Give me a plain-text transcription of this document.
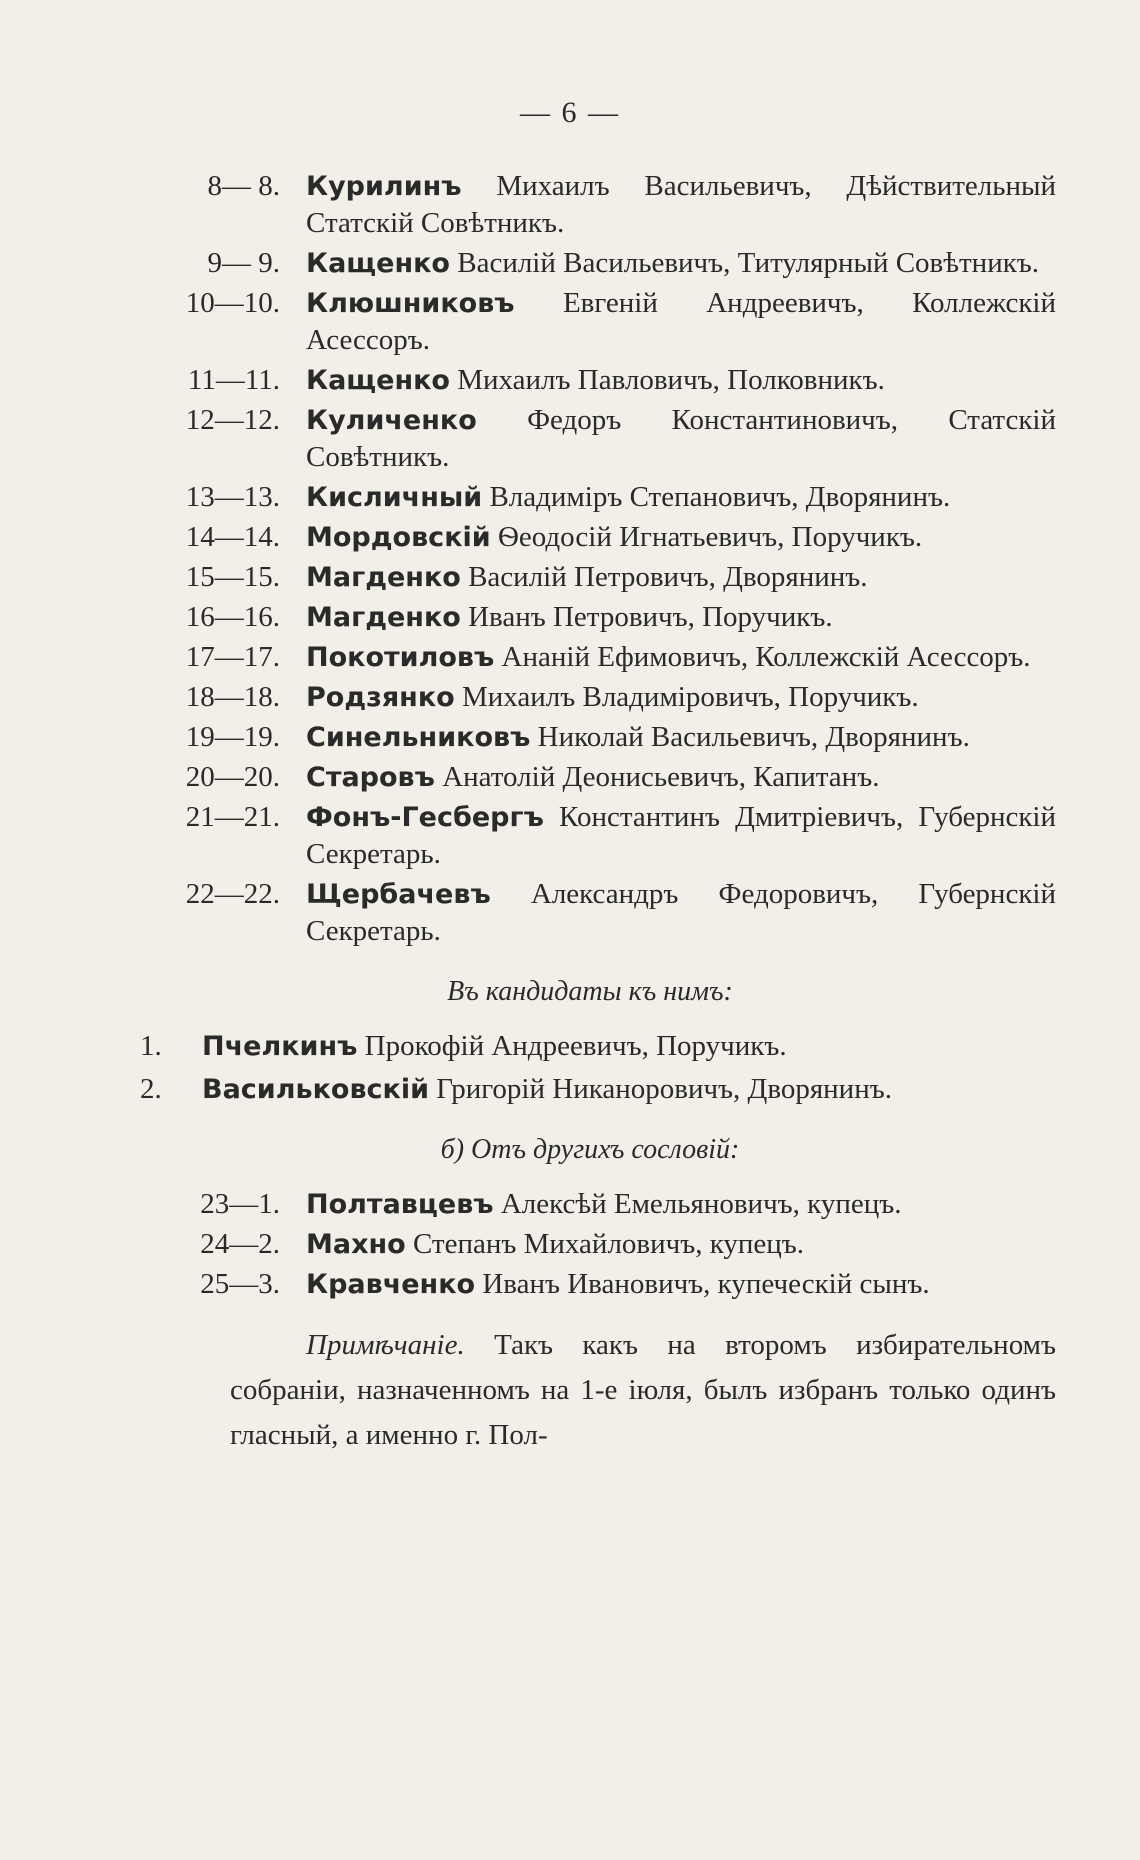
— 6 —
8— 8. Курилинъ Михаилъ Васильевичъ, Дѣйствительный Статскій Совѣтникъ.
9— 9. Кащенко Василій Васильевичъ, Титулярный Совѣтникъ.
10—10. Клюшниковъ Евгеній Андреевичъ, Коллежскій Асессоръ.
11—11. Кащенко Михаилъ Павловичъ, Полковникъ.
12—12. Куличенко Федоръ Константиновичъ, Статскій Совѣтникъ.
13—13. Кисличный Владиміръ Степановичъ, Дворянинъ.
14—14. Мордовскій Ѳеодосій Игнатьевичъ, Поручикъ.
15—15. Магденко Василій Петровичъ, Дворянинъ.
16—16. Магденко Иванъ Петровичъ, Поручикъ.
17—17. Покотиловъ Ананій Ефимовичъ, Коллежскій Асессоръ.
18—18. Родзянко Михаилъ Владиміровичъ, Поручикъ.
19—19. Синельниковъ Николай Васильевичъ, Дворянинъ.
20—20. Старовъ Анатолій Деонисьевичъ, Капитанъ.
21—21. Фонъ-Гесбергъ Константинъ Дмитріевичъ, Губернскій Секретарь.
22—22. Щербачевъ Александръ Федоровичъ, Губернскій Секретарь.
Въ кандидаты къ нимъ:
1.	Пчелкинъ Прокофій Андреевичъ, Поручикъ.
2.	Васильковскій Григорій Никаноровичъ, Дворянинъ.
б) Отъ другихъ сословій:
23—1. Полтавцевъ Алексѣй Емельяновичъ, купецъ.
24—2. Махно Степанъ Михайловичъ, купецъ.
25—3. Кравченко Иванъ Ивановичъ, купеческій сынъ.
Примѣчаніе. Такъ какъ на второмъ избирательномъ собраніи, назначенномъ на 1-е іюля, былъ избранъ только одинъ гласный, а именно г. Пол-
